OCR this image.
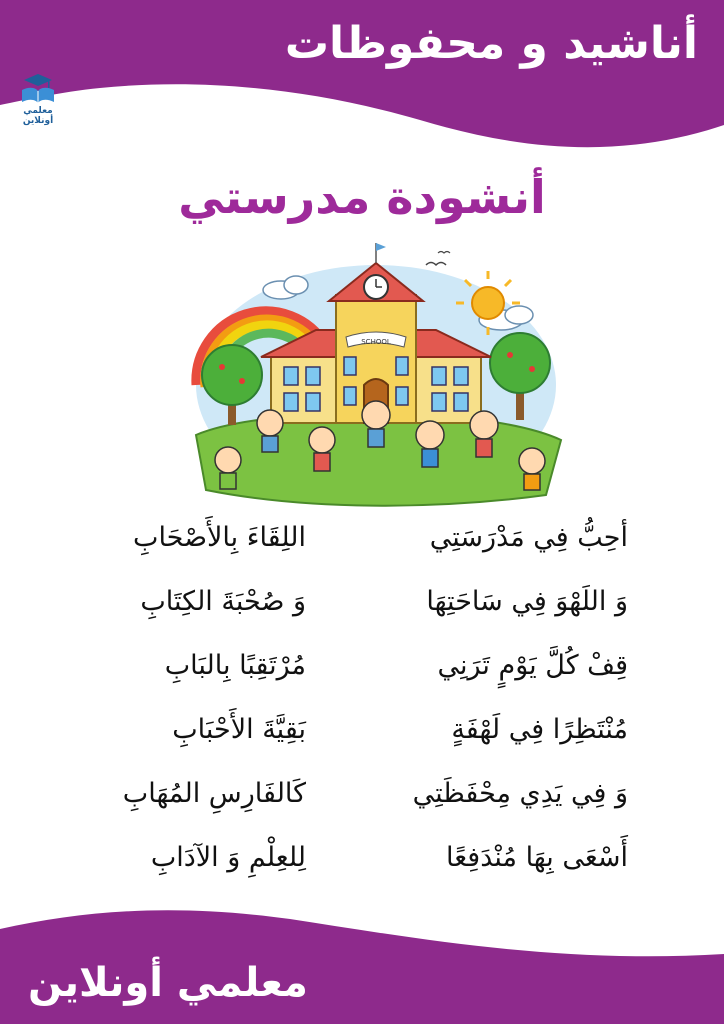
أناشيد و محفوظات
معلمي أونلاين
أنشودة مدرستي
SCHOOL
أحِبُّ فِي مَدْرَسَتِي
اللِقَاءَ بِالأَصْحَابِ
وَ اللَهْوَ فِي سَاحَتِهَا
وَ صُحْبَةَ الكِتَابِ
قِفْ كُلَّ يَوْمٍ تَرَنِي
مُرْتَقِبًا بِالبَابِ
مُنْتَظِرًا فِي لَهْفَةٍ
بَقِيَّةَ الأَحْبَابِ
وَ فِي يَدِي مِحْفَظَتِي
كَالفَارِسِ المُهَابِ
أَسْعَى بِهَا مُنْدَفِعًا
لِلعِلْمِ وَ الآدَابِ
معلمي أونلاين
